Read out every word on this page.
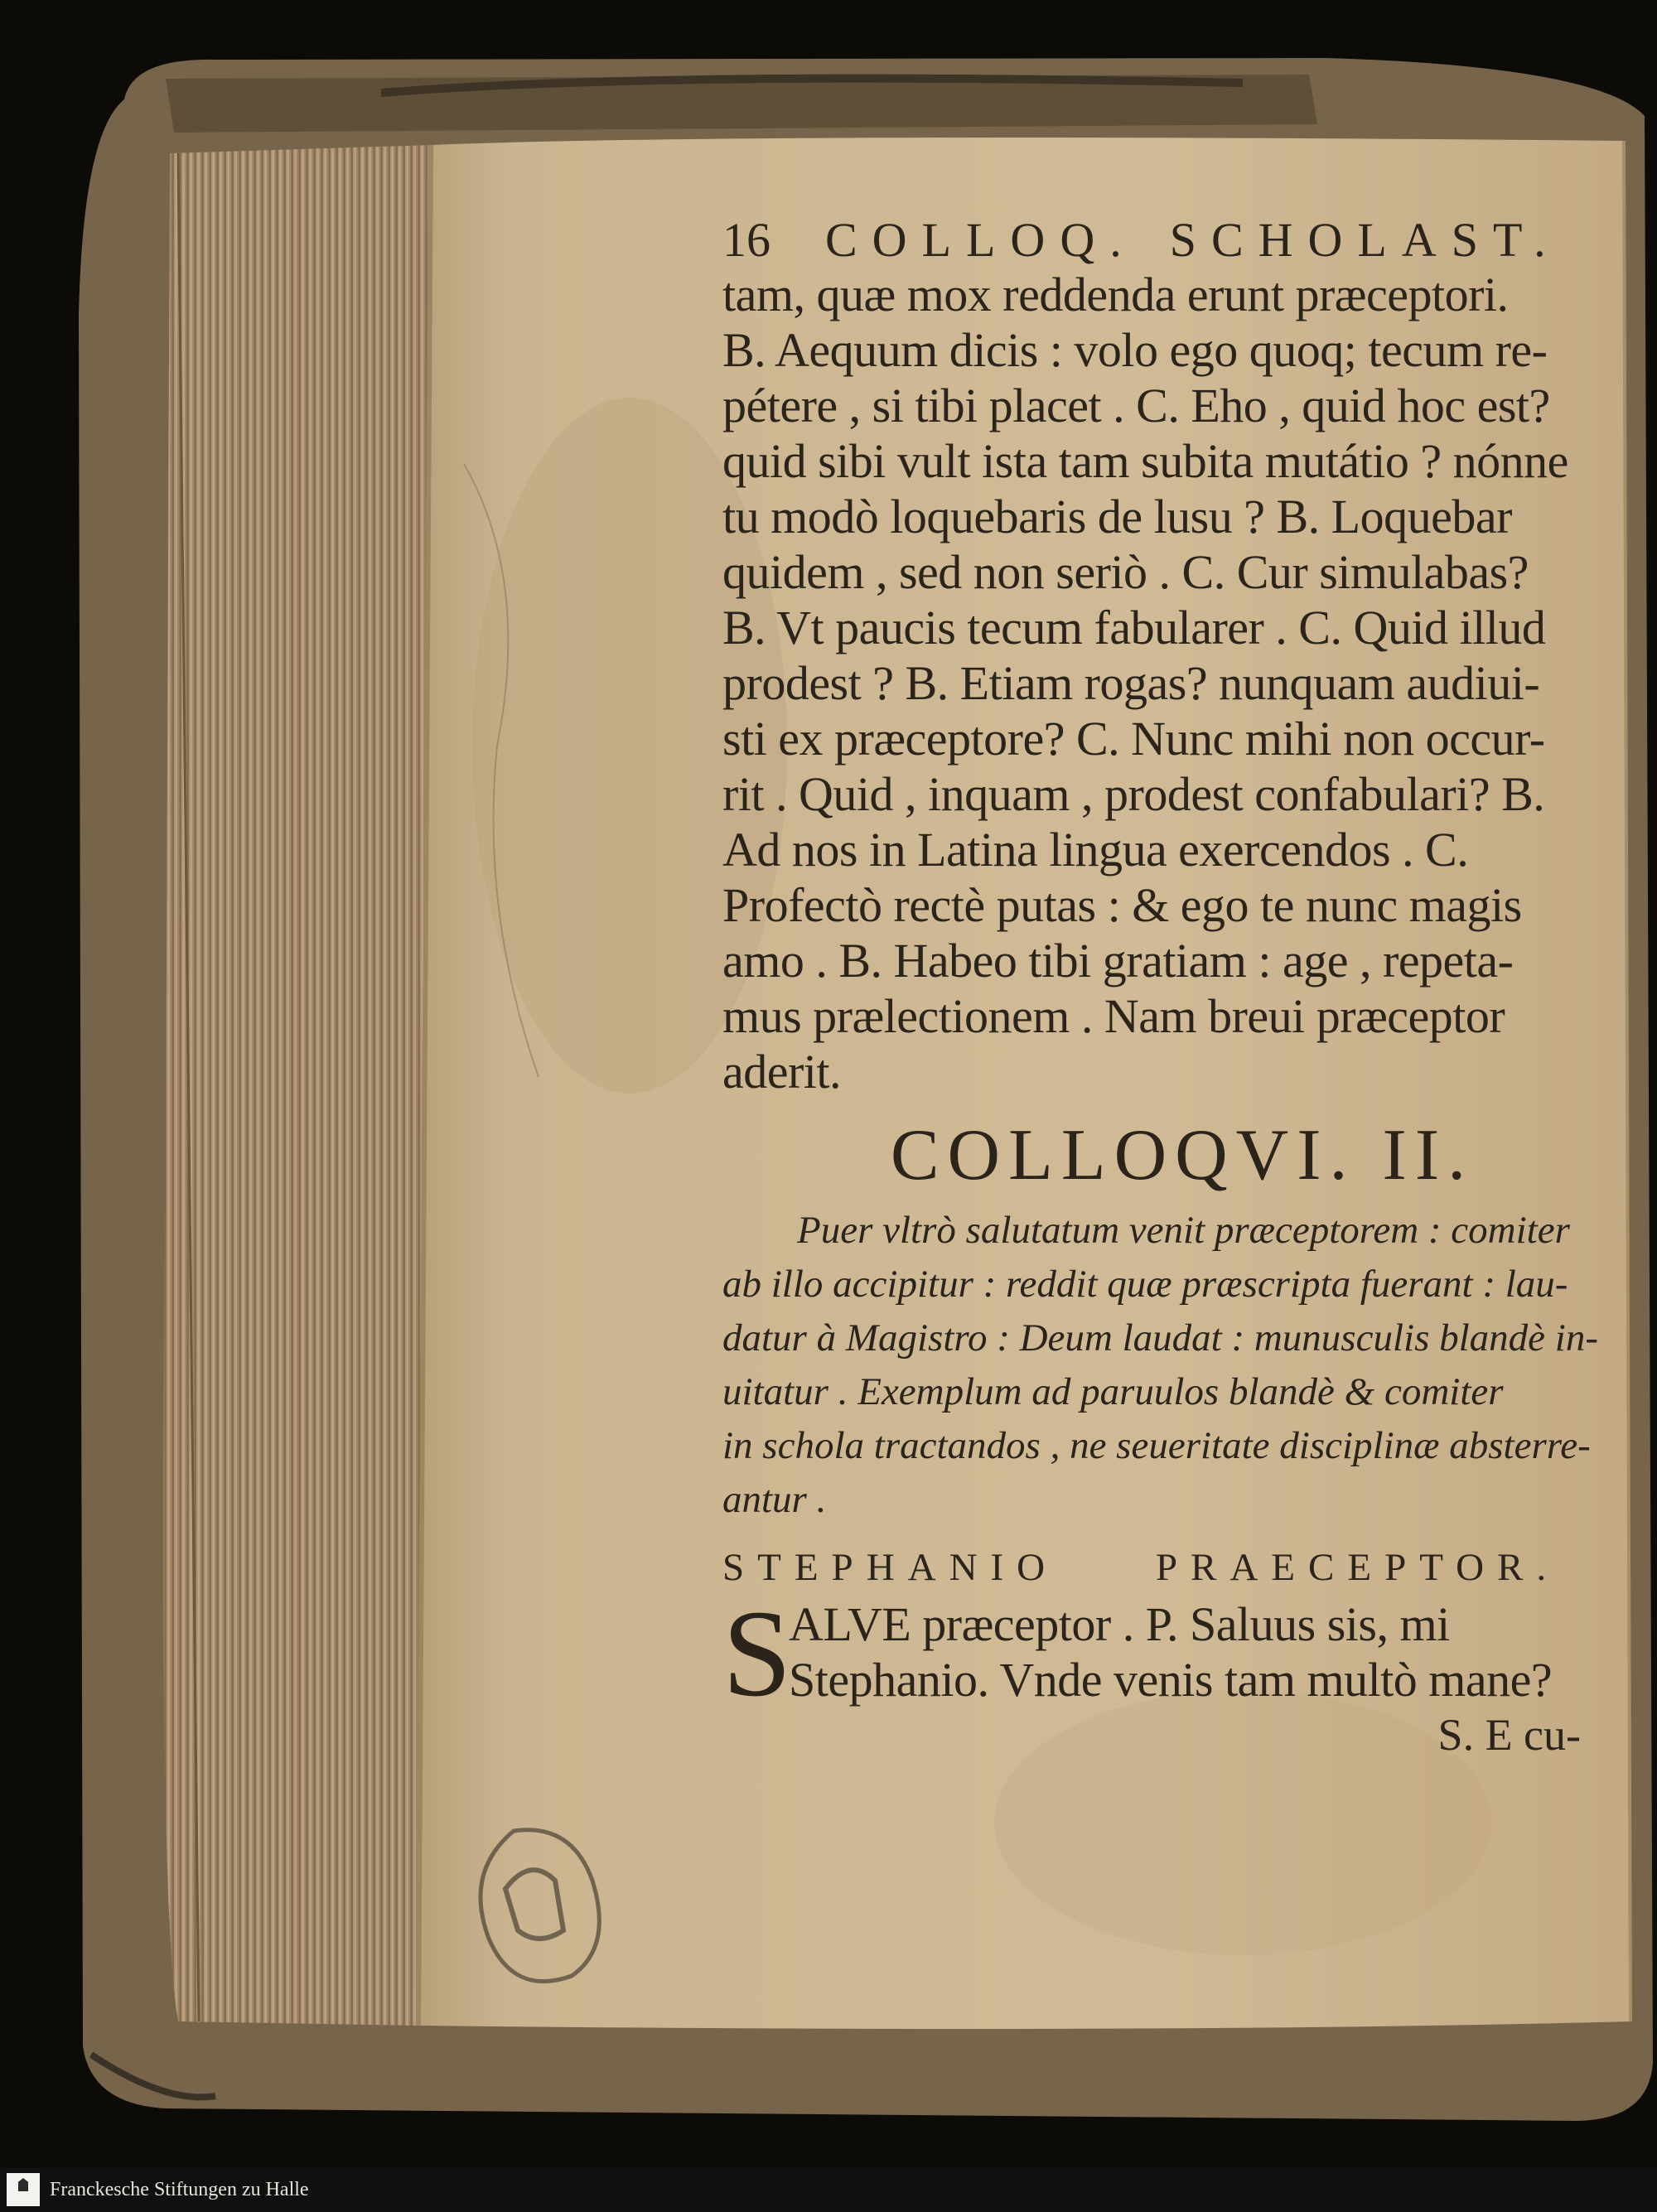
16 COLLOQ. SCHOLAST.
tam, quæ mox reddenda erunt præceptori.
B. Aequum dicis : volo ego quoq; tecum re-
pétere , si tibi placet . C. Eho , quid hoc est?
quid sibi vult ista tam subita mutátio ? nónne
tu modò loquebaris de lusu ? B. Loquebar
quidem , sed non seriò . C. Cur simulabas?
B. Vt paucis tecum fabularer . C. Quid illud
prodest ? B. Etiam rogas? nunquam audiui-
sti ex præceptore? C. Nunc mihi non occur-
rit . Quid , inquam , prodest confabulari? B.
Ad nos in Latina lingua exercendos . C.
Profectò rectè putas : & ego te nunc magis
amo . B. Habeo tibi gratiam : age , repeta-
mus prælectionem . Nam breui præceptor
aderit.
COLLOQVI. II.
Puer vltrò salutatum venit præceptorem : comiter
ab illo accipitur : reddit quæ præscripta fuerant : lau-
datur à Magistro : Deum laudat : munusculis blandè in-
uitatur . Exemplum ad paruulos blandè & comiter
in schola tractandos , ne seueritate disciplinæ absterre-
antur .
STEPHANIO	PRAECEPTOR.
S
ALVE præceptor . P. Saluus sis, mi
Stephanio. Vnde venis tam multò mane?
S. E cu-
Franckesche Stiftungen zu Halle
